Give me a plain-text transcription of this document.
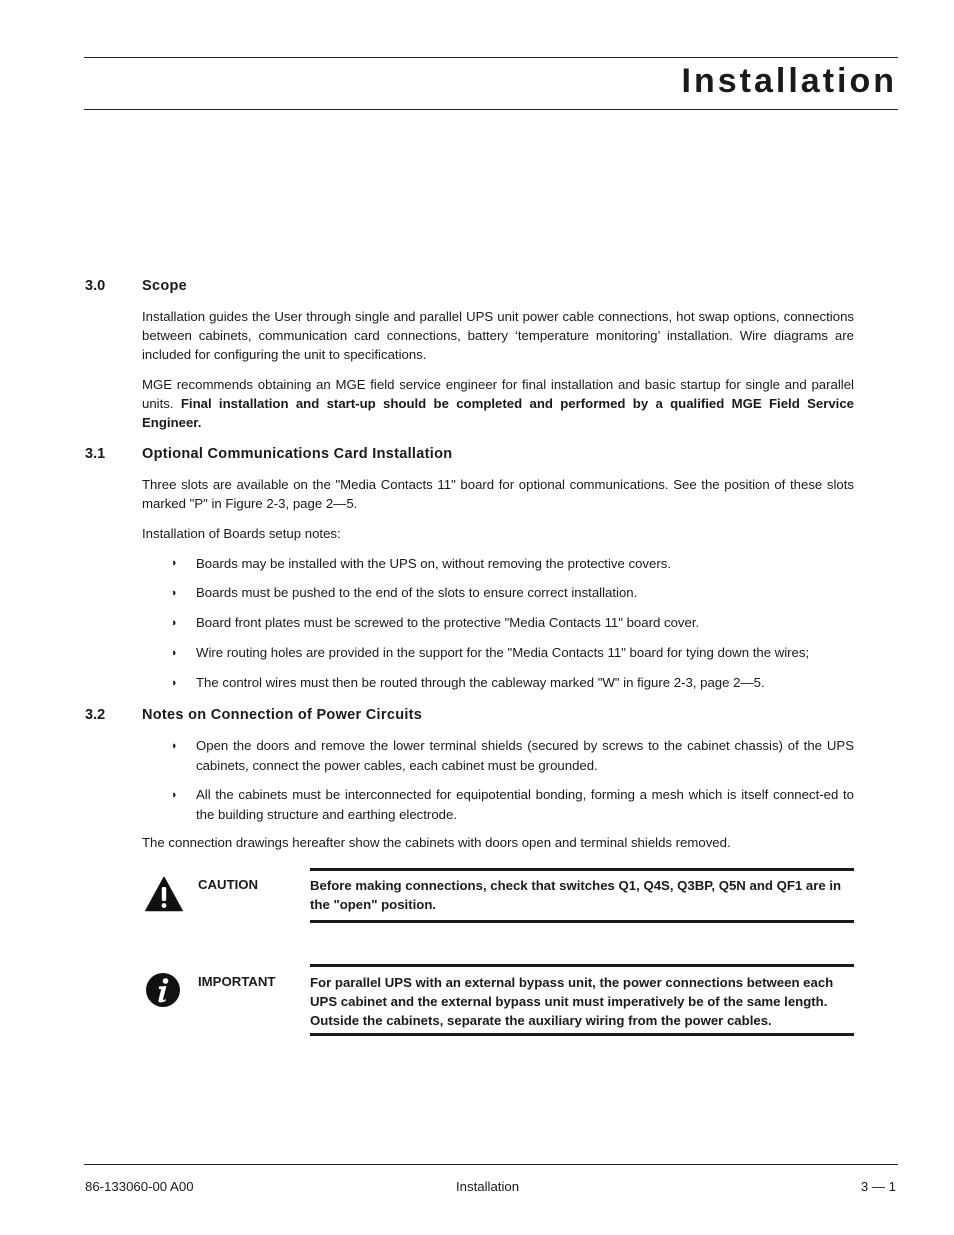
Installation
3.0	Scope

Installation guides the User through single and parallel UPS unit power cable connections, hot swap options, connections between cabinets, communication card connections, battery ‘temperature monitoring’ installation. Wire diagrams are included for configuring the unit to specifications.

MGE recommends obtaining an MGE field service engineer for final installation and basic startup for single and parallel units. Final installation and start-up should be completed and performed by a qualified MGE Field Service Engineer.

3.1	Optional Communications Card Installation

Three slots are available on the "Media Contacts 11" board for optional communications. See the position of these slots marked "P" in Figure 2-3, page 2—5.

Installation of Boards setup notes:

◗ Boards may be installed with the UPS on, without removing the protective covers.

◗ Boards must be pushed to the end of the slots to ensure correct installation.

◗ Board front plates must be screwed to the protective "Media Contacts 11" board cover.

◗ Wire routing holes are provided in the support for the "Media Contacts 11" board for tying down the wires;

◗ The control wires must then be routed through the cableway marked "W" in figure 2-3, page 2—5.

3.2	Notes on Connection of Power Circuits
◗ Open the doors and remove the lower terminal shields (secured by screws to the cabinet chassis) of the UPS cabinets, connect the power cables, each cabinet must be grounded.

◗ All the cabinets must be interconnected for equipotential bonding, forming a mesh which is itself connect-ed to the building structure and earthing electrode.

The connection drawings hereafter show the cabinets with doors open and terminal shields removed.

CAUTION	Before making connections, check that switches Q1, Q4S, Q3BP, Q5N and QF1 are in the "open" position.

IMPORTANT	For parallel UPS with an external bypass unit, the power connections between each UPS cabinet and the external bypass unit must imperatively be of the same length. Outside the cabinets, separate the auxiliary wiring from the power cables.

86-133060-00 A00	Installation	3 — 1
